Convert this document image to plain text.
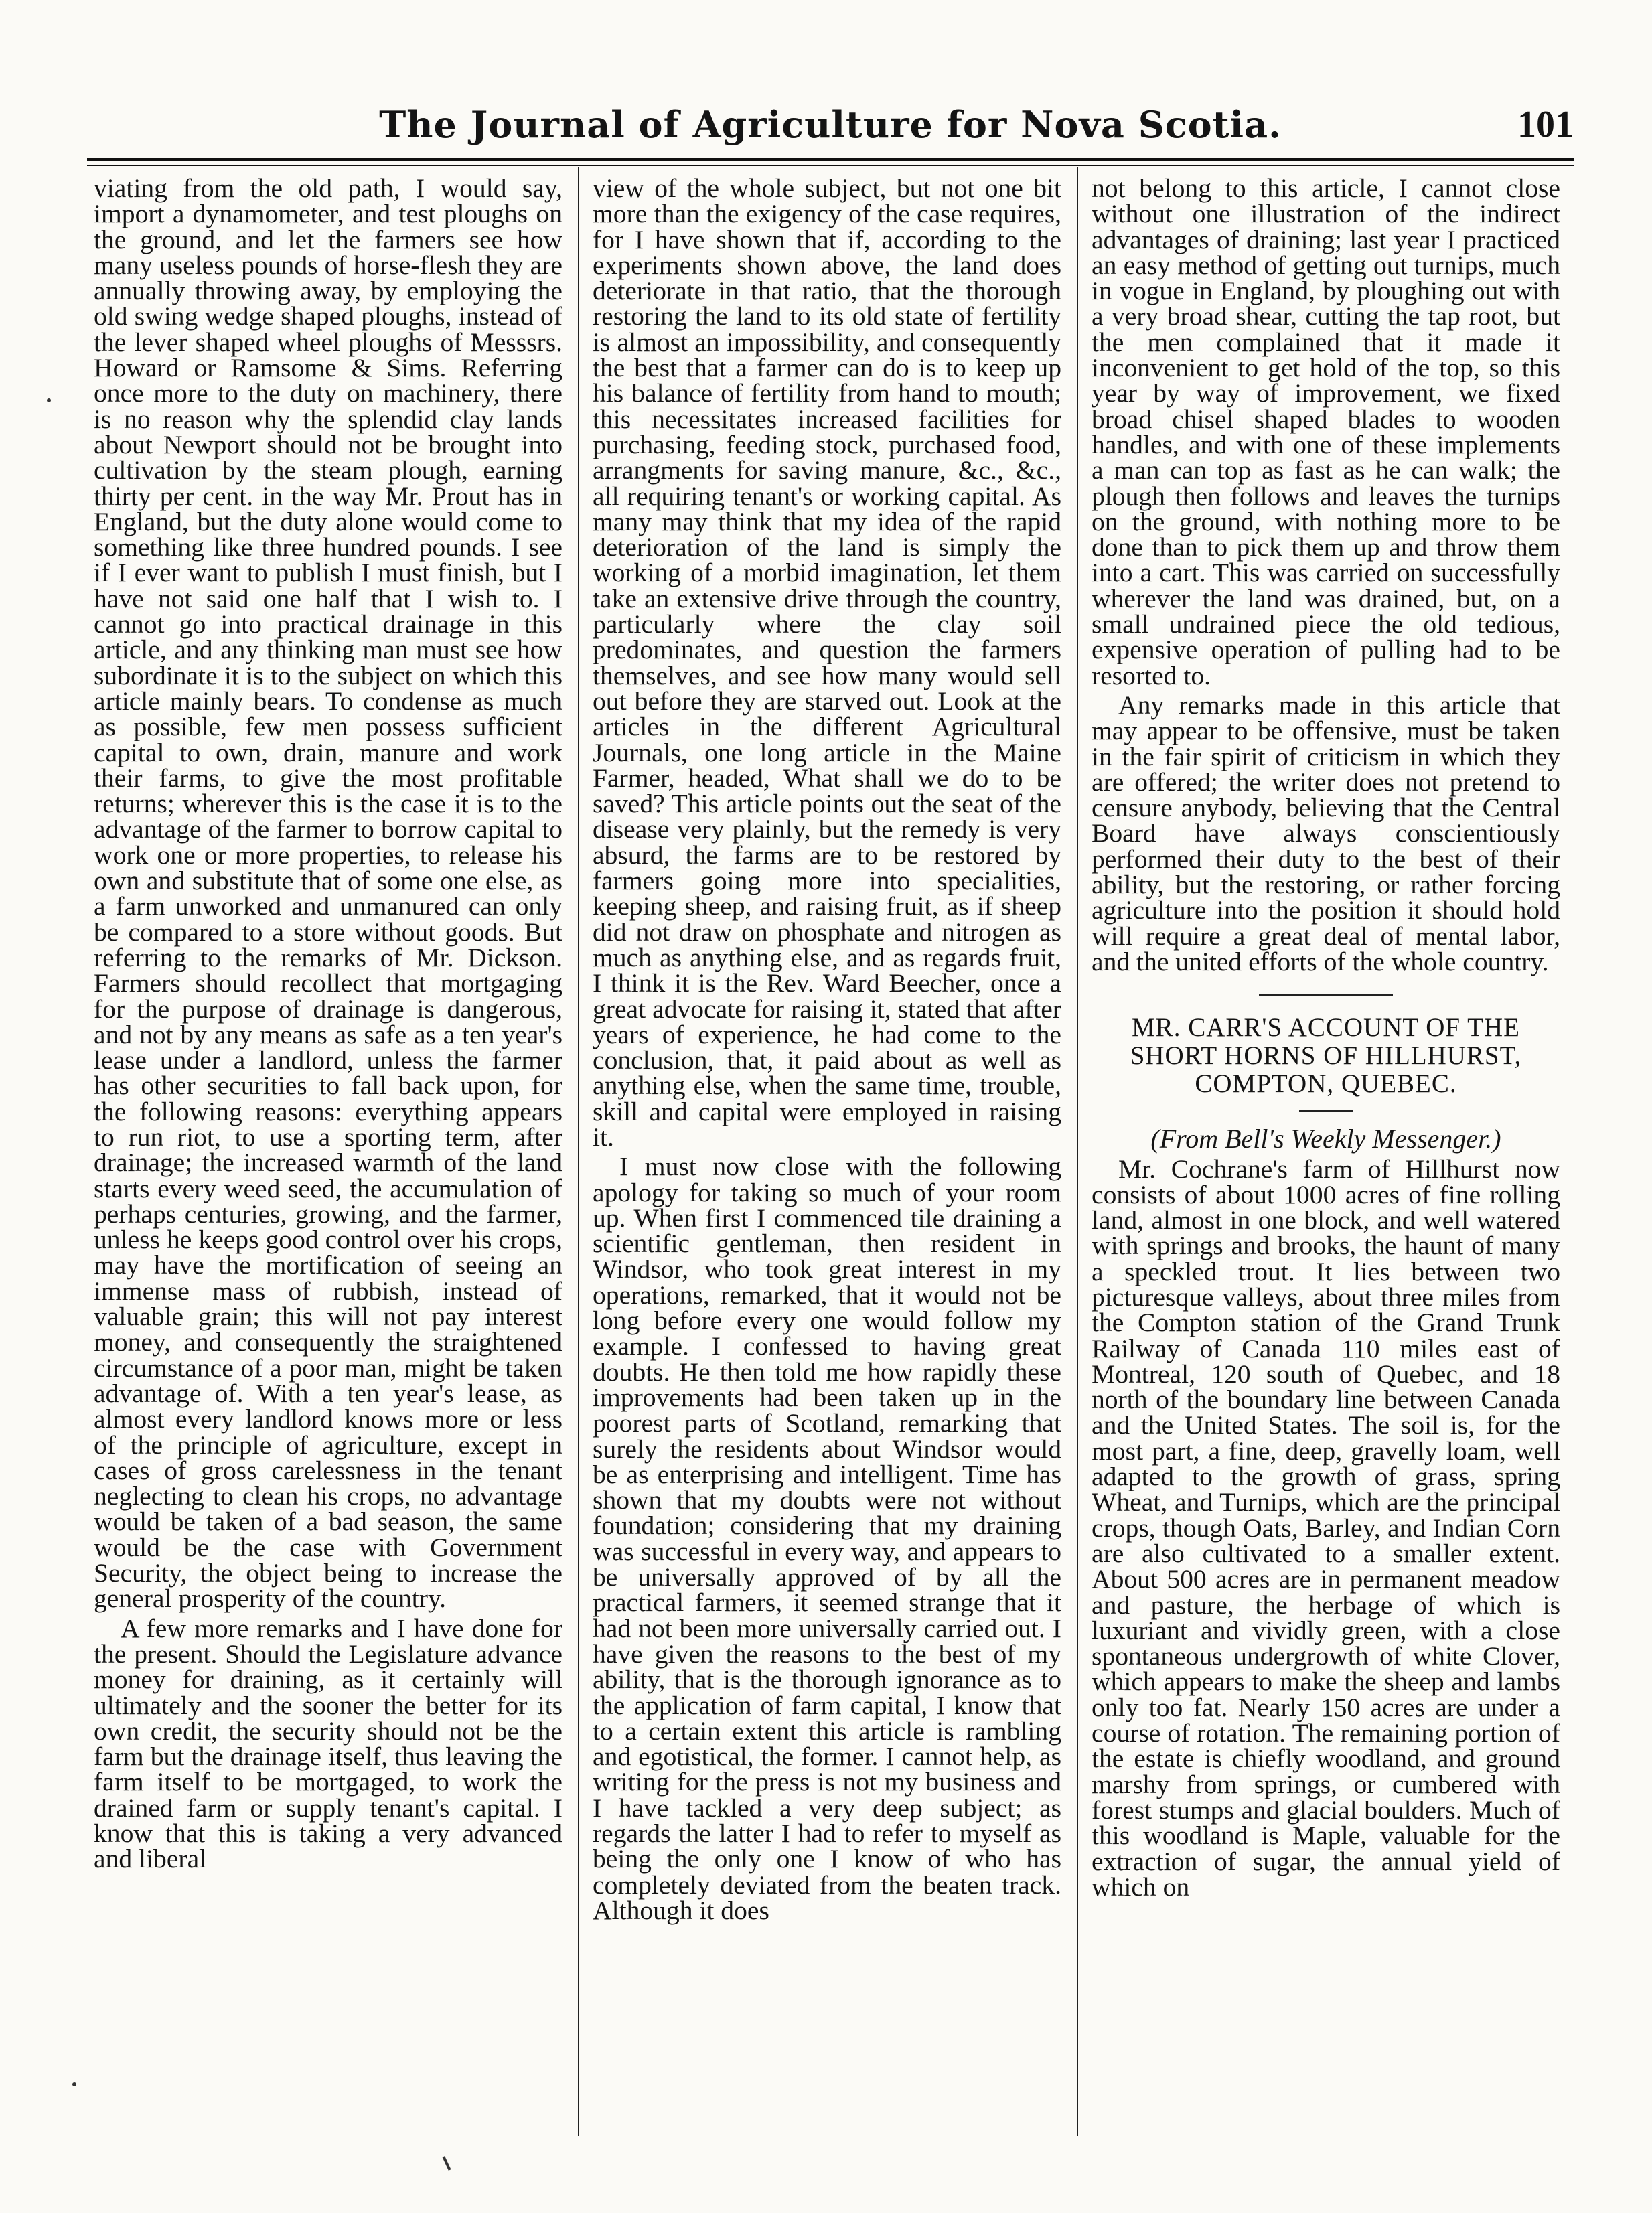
The Journal of Agriculture for Nova Scotia.	101

viating from the old path, I would say, import a dynamometer, and test ploughs on the ground, and let the farmers see how many useless pounds of horse-flesh they are annually throwing away, by employing the old swing wedge shaped ploughs, instead of the lever shaped wheel ploughs of Messsrs. Howard or Ramsome & Sims. Referring once more to the duty on machinery, there is no reason why the splendid clay lands about Newport should not be brought into cultivation by the steam plough, earning thirty per cent. in the way Mr. Prout has in England, but the duty alone would come to something like three hundred pounds. I see if I ever want to publish I must finish, but I have not said one half that I wish to. I cannot go into practical drainage in this article, and any thinking man must see how subordinate it is to the subject on which this article mainly bears. To condense as much as possible, few men possess sufficient capital to own, drain, manure and work their farms, to give the most profitable returns; wherever this is the case it is to the advantage of the farmer to borrow capital to work one or more properties, to release his own and substitute that of some one else, as a farm unworked and unmanured can only be compared to a store without goods. But referring to the remarks of Mr. Dickson. Farmers should recollect that mortgaging for the purpose of drainage is dangerous, and not by any means as safe as a ten year's lease under a landlord, unless the farmer has other securities to fall back upon, for the following reasons: everything appears to run riot, to use a sporting term, after drainage; the increased warmth of the land starts every weed seed, the accumulation of perhaps centuries, growing, and the farmer, unless he keeps good control over his crops, may have the mortification of seeing an immense mass of rubbish, instead of valuable grain; this will not pay interest money, and consequently the straightened circumstance of a poor man, might be taken advantage of. With a ten year's lease, as almost every landlord knows more or less of the principle of agriculture, except in cases of gross carelessness in the tenant neglecting to clean his crops, no advantage would be taken of a bad season, the same would be the case with Government Security, the object being to increase the general prosperity of the country.

A few more remarks and I have done for the present. Should the Legislature advance money for draining, as it certainly will ultimately and the sooner the better for its own credit, the security should not be the farm but the drainage itself, thus leaving the farm itself to be mortgaged, to work the drained farm or supply tenant's capital. I know that this is taking a very advanced and liberal

view of the whole subject, but not one bit more than the exigency of the case requires, for I have shown that if, according to the experiments shown above, the land does deteriorate in that ratio, that the thorough restoring the land to its old state of fertility is almost an impossibility, and consequently the best that a farmer can do is to keep up his balance of fertility from hand to mouth; this necessitates increased facilities for purchasing, feeding stock, purchased food, arrangments for saving manure, &c., &c., all requiring tenant's or working capital. As many may think that my idea of the rapid deterioration of the land is simply the working of a morbid imagination, let them take an extensive drive through the country, particularly where the clay soil predominates, and question the farmers themselves, and see how many would sell out before they are starved out. Look at the articles in the different Agricultural Journals, one long article in the Maine Farmer, headed, What shall we do to be saved? This article points out the seat of the disease very plainly, but the remedy is very absurd, the farms are to be restored by farmers going more into specialities, keeping sheep, and raising fruit, as if sheep did not draw on phosphate and nitrogen as much as anything else, and as regards fruit, I think it is the Rev. Ward Beecher, once a great advocate for raising it, stated that after years of experience, he had come to the conclusion, that, it paid about as well as anything else, when the same time, trouble, skill and capital were employed in raising it.

I must now close with the following apology for taking so much of your room up. When first I commenced tile draining a scientific gentleman, then resident in Windsor, who took great interest in my operations, remarked, that it would not be long before every one would follow my example. I confessed to having great doubts. He then told me how rapidly these improvements had been taken up in the poorest parts of Scotland, remarking that surely the residents about Windsor would be as enterprising and intelligent. Time has shown that my doubts were not without foundation; considering that my draining was successful in every way, and appears to be universally approved of by all the practical farmers, it seemed strange that it had not been more universally carried out. I have given the reasons to the best of my ability, that is the thorough ignorance as to the application of farm capital, I know that to a certain extent this article is rambling and egotistical, the former. I cannot help, as writing for the press is not my business and I have tackled a very deep subject; as regards the latter I had to refer to myself as being the only one I know of who has completely deviated from the beaten track. Although it does

not belong to this article, I cannot close without one illustration of the indirect advantages of draining; last year I practiced an easy method of getting out turnips, much in vogue in England, by ploughing out with a very broad shear, cutting the tap root, but the men complained that it made it inconvenient to get hold of the top, so this year by way of improvement, we fixed broad chisel shaped blades to wooden handles, and with one of these implements a man can top as fast as he can walk; the plough then follows and leaves the turnips on the ground, with nothing more to be done than to pick them up and throw them into a cart. This was carried on successfully wherever the land was drained, but, on a small undrained piece the old tedious, expensive operation of pulling had to be resorted to.

Any remarks made in this article that may appear to be offensive, must be taken in the fair spirit of criticism in which they are offered; the writer does not pretend to censure anybody, believing that the Central Board have always conscientiously performed their duty to the best of their ability, but the restoring, or rather forcing agriculture into the position it should hold will require a great deal of mental labor, and the united efforts of the whole country.

MR. CARR'S ACCOUNT OF THE SHORT HORNS OF HILLHURST, COMPTON, QUEBEC.

(From Bell's Weekly Messenger.)

Mr. Cochrane's farm of Hillhurst now consists of about 1000 acres of fine rolling land, almost in one block, and well watered with springs and brooks, the haunt of many a speckled trout. It lies between two picturesque valleys, about three miles from the Compton station of the Grand Trunk Railway of Canada 110 miles east of Montreal, 120 south of Quebec, and 18 north of the boundary line between Canada and the United States. The soil is, for the most part, a fine, deep, gravelly loam, well adapted to the growth of grass, spring Wheat, and Turnips, which are the principal crops, though Oats, Barley, and Indian Corn are also cultivated to a smaller extent. About 500 acres are in permanent meadow and pasture, the herbage of which is luxuriant and vividly green, with a close spontaneous undergrowth of white Clover, which appears to make the sheep and lambs only too fat. Nearly 150 acres are under a course of rotation. The remaining portion of the estate is chiefly woodland, and ground marshy from springs, or cumbered with forest stumps and glacial boulders. Much of this woodland is Maple, valuable for the extraction of sugar, the annual yield of which on
